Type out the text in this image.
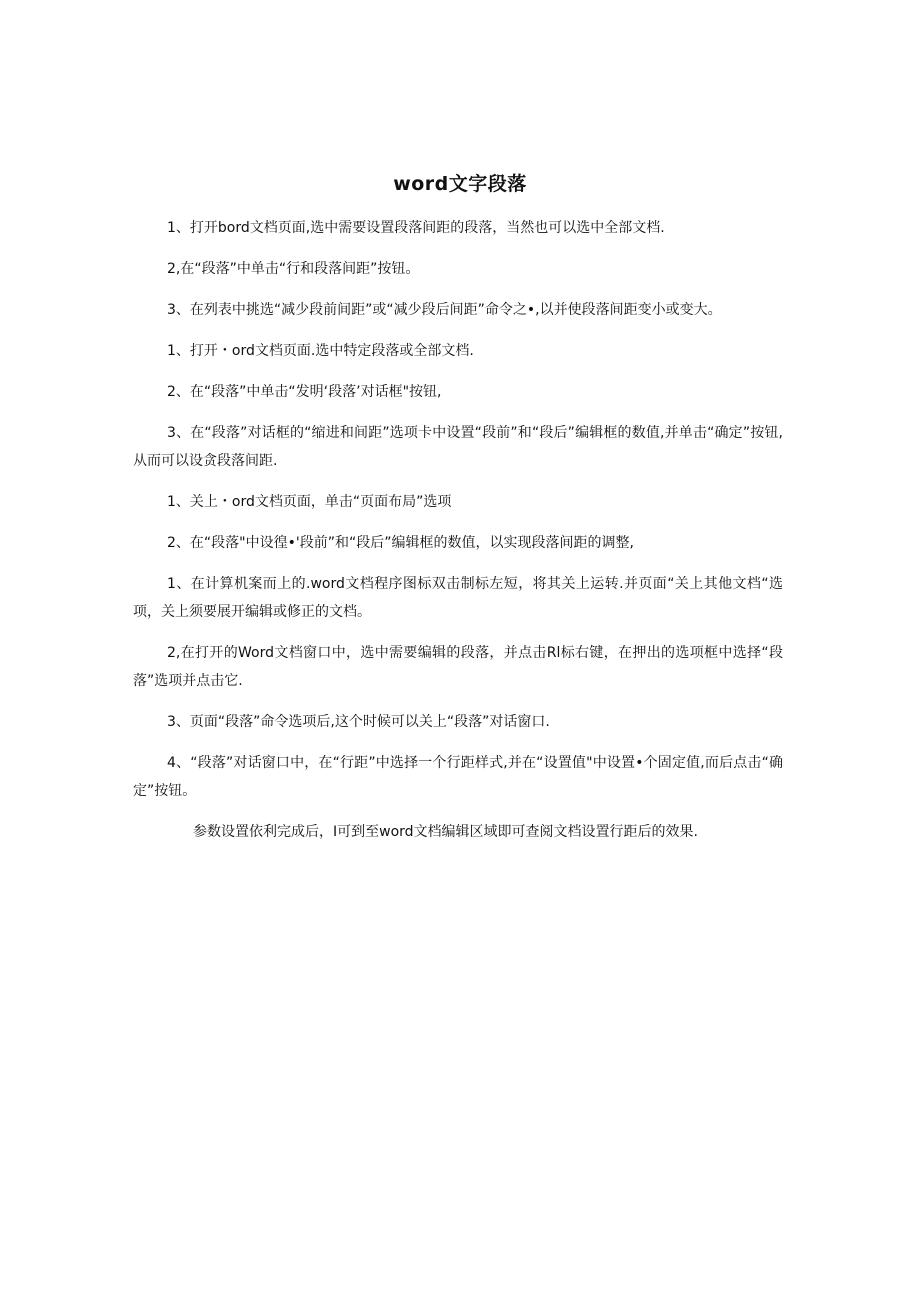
word文字段落

1、打开bord文档页面,选中需要设置段落间距的段落，当然也可以选中全部文档.

2,在“段落”中单击“行和段落间距”按钮。

3、在列表中挑选“减少段前间距”或“减少段后间距”命令之•,以并使段落间距变小或变大。

1、打开・ord文档页面.选中特定段落或全部文档.

2、在“段落”中单击“发明‘段落’对话框"按钮,

3、在“段落”对话框的“缩进和间距”选项卡中设置“段前”和“段后”编辑框的数值,并单击“确定”按钮,从而可以设贪段落间距.

1、关上・ord文档页面，单击“页面布局”选项

2、在“段落"中设徨•'段前”和“段后”编辑框的数值，以实现段落间距的调整,

1、在计算机案而上的.word文档程序图标双击制标左短，将其关上运转.并页面“关上其他文档“选项，关上须要展开编辑或修正的文档。

2,在打开的Word文档窗口中，选中需要编辑的段落，并点击Rl标右键，在押出的选项框中选择“段落”选项并点击它.

3、页面“段落”命令选项后,这个时候可以关上“段落”对话窗口.

4、“段落”对话窗口中，在“行距”中选择一个行距样式,并在“设置值"中设置•个固定值,而后点击“确定”按钮。

参数设置依利完成后，I可到至word文档编辑区域即可查阅文档设置行距后的效果.
